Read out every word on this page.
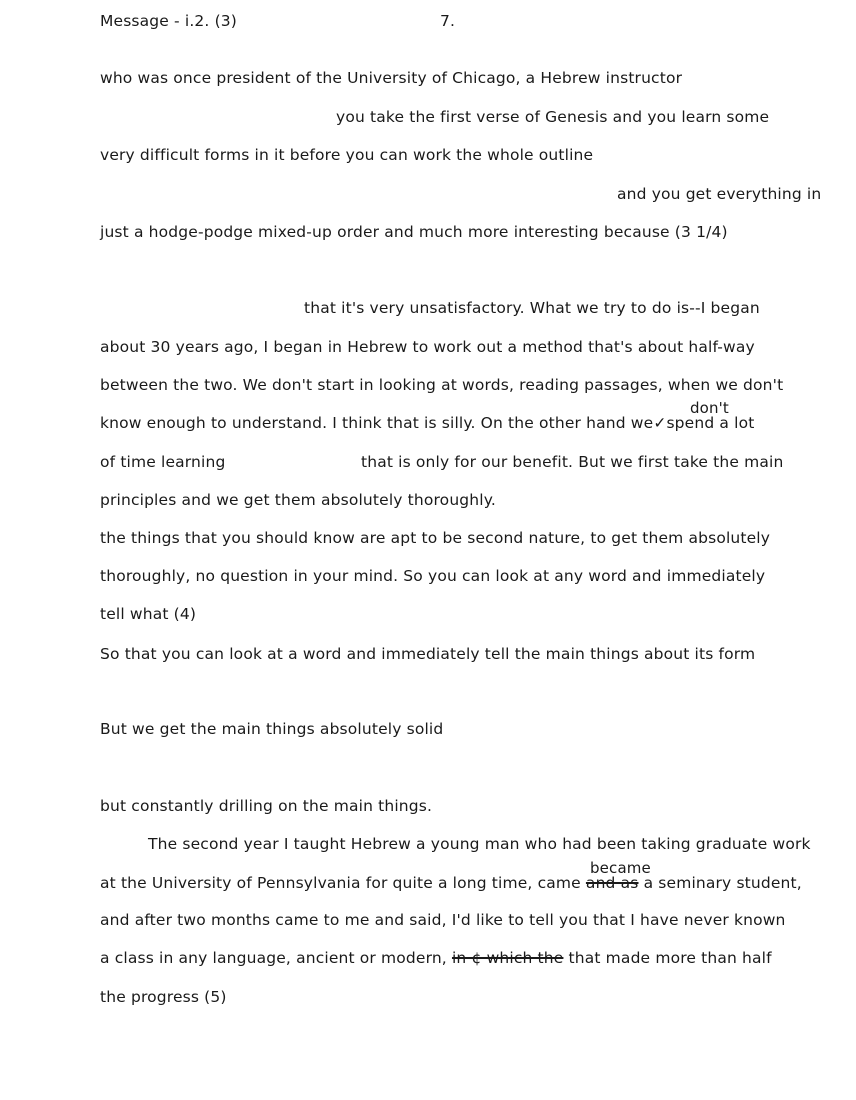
Message - i.2. (3)	7.
who was once president of the University of Chicago, a Hebrew instructor
you take the first verse of Genesis and you learn some
very difficult forms in it before you can work the whole outline
and you get everything in
just a hodge-podge mixed-up order and much more interesting because (3 1/4)
that it's very unsatisfactory. What we try to do is--I began
about 30 years ago, I began in Hebrew to work out a method that's about half-way
between the two. We don't start in looking at words, reading passages, when we don't
don't
know enough to understand. I think that is silly. On the other hand we✓spend a lot
of time learning	that is only for our benefit. But we first take the main
principles and we get them absolutely thoroughly.
the things that you should know are apt to be second nature, to get them absolutely
thoroughly, no question in your mind. So you can look at any word and immediately
tell what (4)
So that you can look at a word and immediately tell the main things about its form
But we get the main things absolutely solid
but constantly drilling on the main things.
The second year I taught Hebrew a young man who had been taking graduate work
became
at the University of Pennsylvania for quite a long time, came and as a seminary student,
and after two months came to me and said, I'd like to tell you that I have never known
a class in any language, ancient or modern, in ¢ which the that made more than half
the progress (5)
